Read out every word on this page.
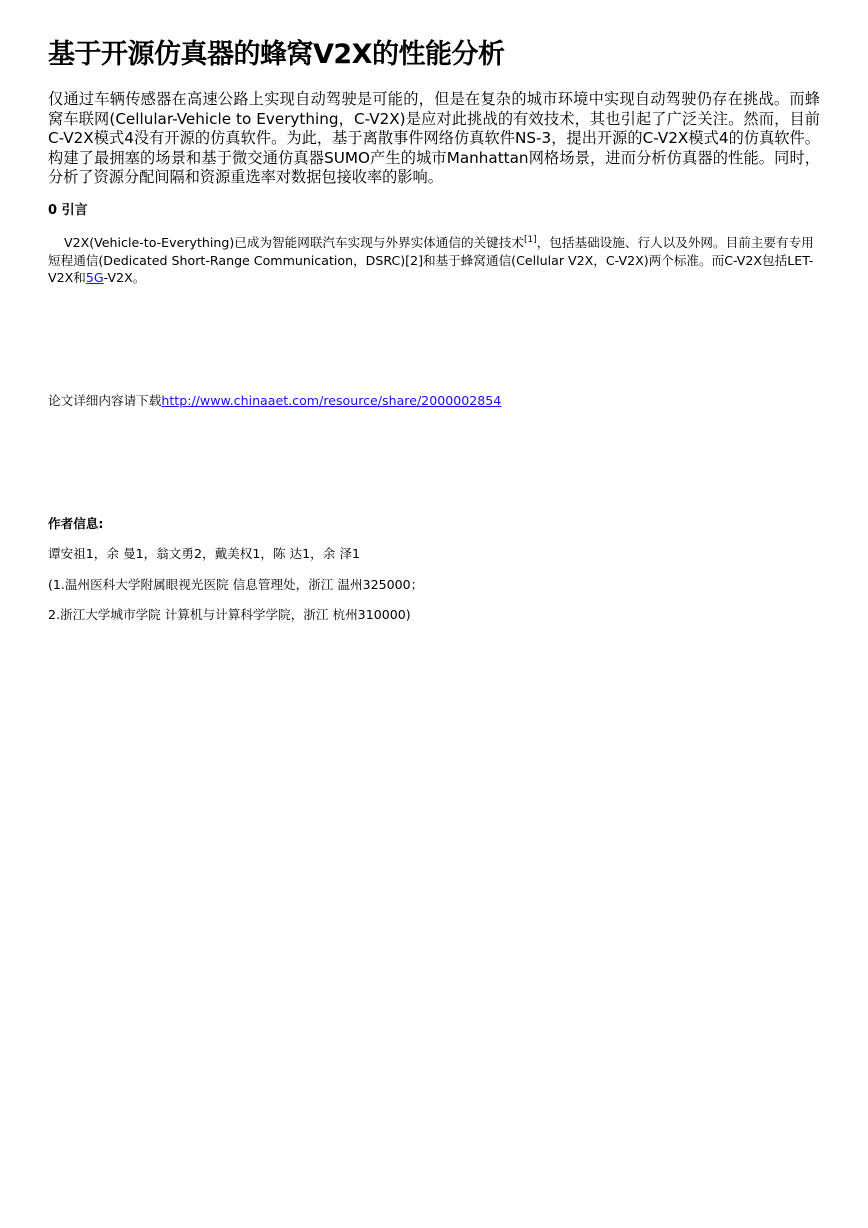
基于开源仿真器的蜂窝V2X的性能分析

仅通过车辆传感器在高速公路上实现自动驾驶是可能的，但是在复杂的城市环境中实现自动驾驶仍存在挑战。而蜂窝车联网(Cellular-Vehicle to Everything，C-V2X)是应对此挑战的有效技术，其也引起了广泛关注。然而，目前C-V2X模式4没有开源的仿真软件。为此，基于离散事件网络仿真软件NS-3，提出开源的C-V2X模式4的仿真软件。构建了最拥塞的场景和基于微交通仿真器SUMO产生的城市Manhattan网格场景，进而分析仿真器的性能。同时，分析了资源分配间隔和资源重选率对数据包接收率的影响。

0 引言

V2X(Vehicle-to-Everything)已成为智能网联汽车实现与外界实体通信的关键技术[1]，包括基础设施、行人以及外网。目前主要有专用短程通信(Dedicated Short-Range Communication，DSRC)[2]和基于蜂窝通信(Cellular V2X，C-V2X)两个标准。而C-V2X包括LET-V2X和5G-V2X。

论文详细内容请下载http://www.chinaaet.com/resource/share/2000002854

作者信息:

谭安祖1，余 曼1，翁文勇2，戴美权1，陈 达1，余 泽1

(1.温州医科大学附属眼视光医院 信息管理处，浙江 温州325000；

2.浙江大学城市学院 计算机与计算科学学院，浙江 杭州310000)
